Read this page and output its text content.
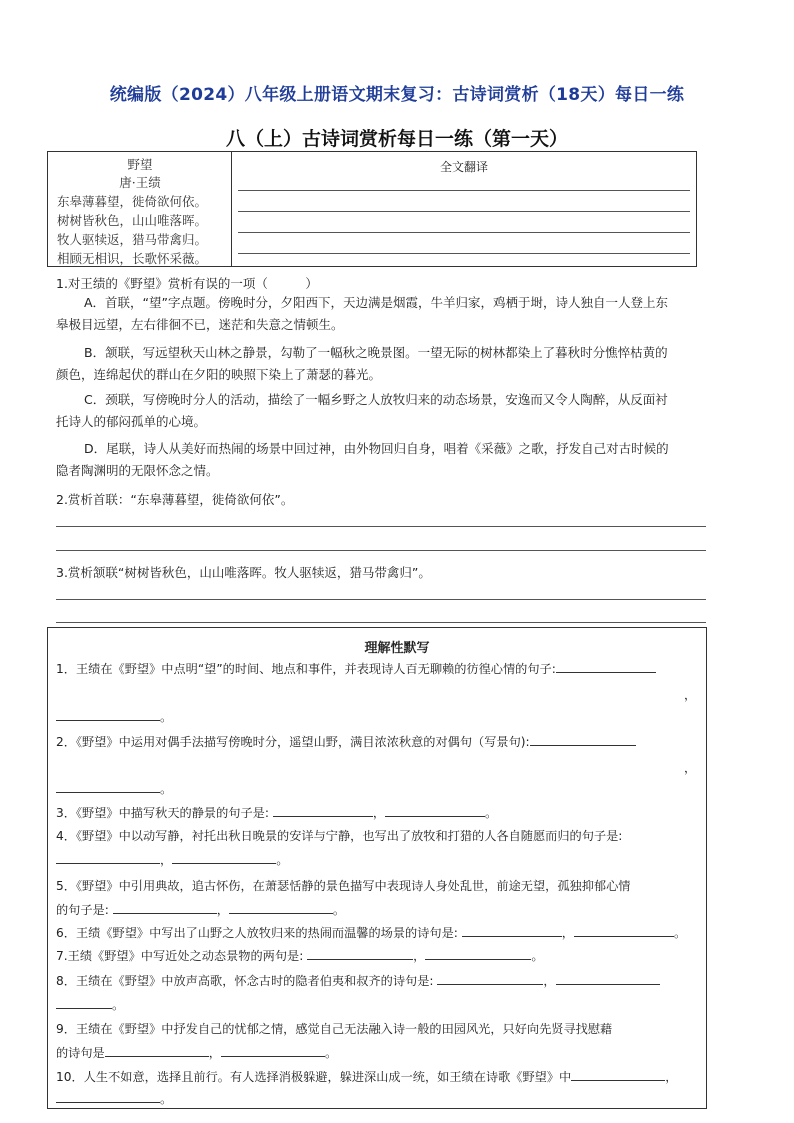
统编版（2024）八年级上册语文期末复习：古诗词赏析（18天）每日一练
八（上）古诗词赏析每日一练（第一天）
野望
唐·王绩
东皋薄暮望，徙倚欲何依。
树树皆秋色，山山唯落晖。
牧人驱犊返，猎马带禽归。
相顾无相识，长歌怀采薇。
全文翻译
1.对王绩的《野望》赏析有误的一项（　　　）
A．首联，“望”字点题。傍晚时分，夕阳西下，天边满是烟霞，牛羊归家，鸡栖于埘，诗人独自一人登上东
皋极目远望，左右徘徊不已，迷茫和失意之情顿生。
B．颔联，写远望秋天山林之静景，勾勒了一幅秋之晚景图。一望无际的树林都染上了暮秋时分憔悴枯黄的
颜色，连绵起伏的群山在夕阳的映照下染上了萧瑟的暮光。
C．颈联，写傍晚时分人的活动，描绘了一幅乡野之人放牧归来的动态场景，安逸而又令人陶醉，从反面衬
托诗人的郁闷孤单的心境。
D．尾联，诗人从美好而热闹的场景中回过神，由外物回归自身，唱着《采薇》之歌，抒发自己对古时候的
隐者陶渊明的无限怀念之情。
2.赏析首联：“东皋薄暮望，徙倚欲何依”。
3.赏析颔联“树树皆秋色，山山唯落晖。牧人驱犊返，猎马带禽归”。
理解性默写
1．王绩在《野望》中点明“望”的时间、地点和事件，并表现诗人百无聊赖的彷徨心情的句子:
，
。
2．《野望》中运用对偶手法描写傍晚时分，遥望山野，满目浓浓秋意的对偶句（写景句):
，
。
3．《野望》中描写秋天的静景的句子是:	，	。
4．《野望》中以动写静，衬托出秋日晚景的安详与宁静，也写出了放牧和打猎的人各自随愿而归的句子是:
，	。
5．《野望》中引用典故，追古怀伤，在萧瑟恬静的景色描写中表现诗人身处乱世，前途无望，孤独抑郁心情
的句子是:	，	。
6．王绩《野望》中写出了山野之人放牧归来的热闹而温馨的场景的诗句是:	，	。
7.王绩《野望》中写近处之动态景物的两句是:	，	。
8．王绩在《野望》中放声高歌，怀念古时的隐者伯夷和叔齐的诗句是:	，
。
9．王绩在《野望》中抒发自己的忧郁之情，感觉自己无法融入诗一般的田园风光，只好向先贤寻找慰藉
的诗句是	，	。
10．人生不如意，选择且前行。有人选择消极躲避，躲进深山成一统，如王绩在诗歌《野望》中	，
。
